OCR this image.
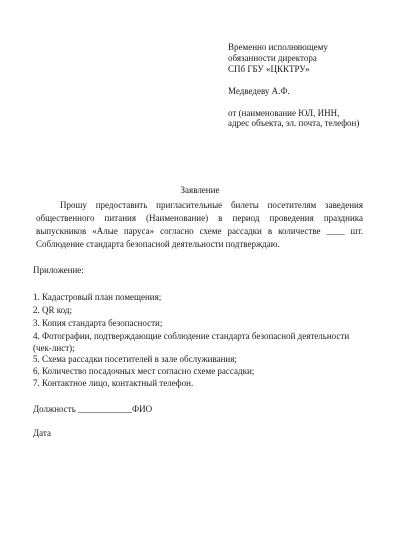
Временно исполняющему
обязанности директора
СПб ГБУ «ЦККТРУ»
Медведеву А.Ф.
от (наименование ЮЛ, ИНН,
адрес объекта, эл. почта, телефон)
Заявление
Прошу предоставить пригласительные билеты посетителям заведения
общественного питания (Наименование) в период проведения праздника
выпускников «Алые паруса» согласно схеме рассадки в количестве ____ шт.
Соблюдение стандарта безопасной деятельности подтверждаю.
Приложение:
1. Кадастровый план помещения;
2. QR код;
3. Копия стандарта безопасности;
4. Фотографии, подтверждающие соблюдение стандарта безопасной деятельности
(чек-лист);
5. Схема рассадки посетителей в зале обслуживания;
6. Количество посадочных мест согласно схеме рассадки;
7. Контактное лицо, контактный телефон.
Должность ____________ФИО
Дата
